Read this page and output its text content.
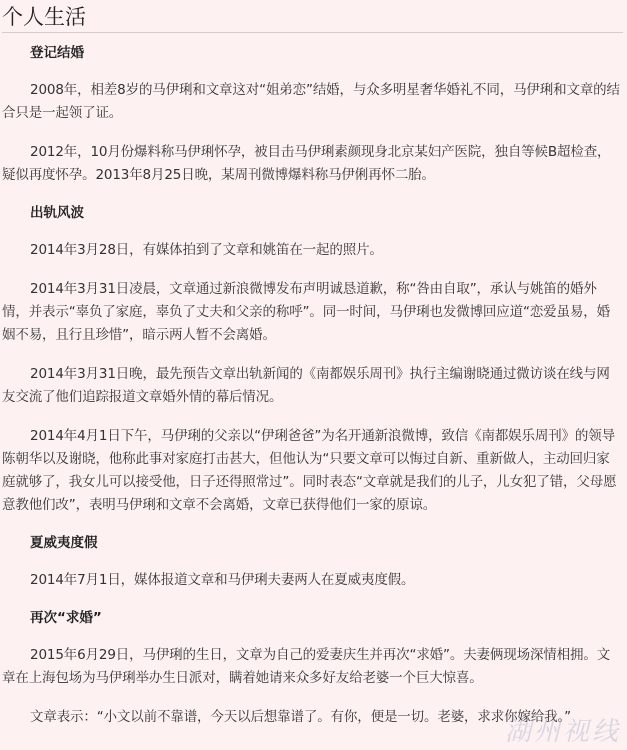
个人生活
登记结婚

2008年，相差8岁的马伊琍和文章这对“姐弟恋”结婚，与众多明星奢华婚礼不同，马伊琍和文章的结合只是一起领了证。

2012年，10月份爆料称马伊琍怀孕，被目击马伊琍素颜现身北京某妇产医院，独自等候B超检查，疑似再度怀孕。2013年8月25日晚，某周刊微博爆料称马伊俐再怀二胎。

出轨风波

2014年3月28日，有媒体拍到了文章和姚笛在一起的照片。

2014年3月31日凌晨，文章通过新浪微博发布声明诚恳道歉，称“咎由自取”，承认与姚笛的婚外情，并表示“辜负了家庭，辜负了丈夫和父亲的称呼”。同一时间，马伊琍也发微博回应道“恋爱虽易，婚姻不易，且行且珍惜”，暗示两人暂不会离婚。

2014年3月31日晚，最先预告文章出轨新闻的《南都娱乐周刊》执行主编谢晓通过微访谈在线与网友交流了他们追踪报道文章婚外情的幕后情况。

2014年4月1日下午，马伊琍的父亲以“伊琍爸爸”为名开通新浪微博，致信《南都娱乐周刊》的领导陈朝华以及谢晓，他称此事对家庭打击甚大，但他认为“只要文章可以悔过自新、重新做人，主动回归家庭就够了，我女儿可以接受他，日子还得照常过”。同时表态“文章就是我们的儿子，儿女犯了错，父母愿意教他们改”，表明马伊琍和文章不会离婚，文章已获得他们一家的原谅。

夏威夷度假

2014年7月1日，媒体报道文章和马伊琍夫妻两人在夏威夷度假。

再次“求婚”

2015年6月29日，马伊琍的生日，文章为自己的爱妻庆生并再次“求婚”。夫妻俩现场深情相拥。文章在上海包场为马伊琍举办生日派对，瞒着她请来众多好友给老婆一个巨大惊喜。

文章表示：“小文以前不靠谱，今天以后想靠谱了。有你，便是一切。老婆，求求你嫁给我。”

湖州视线
